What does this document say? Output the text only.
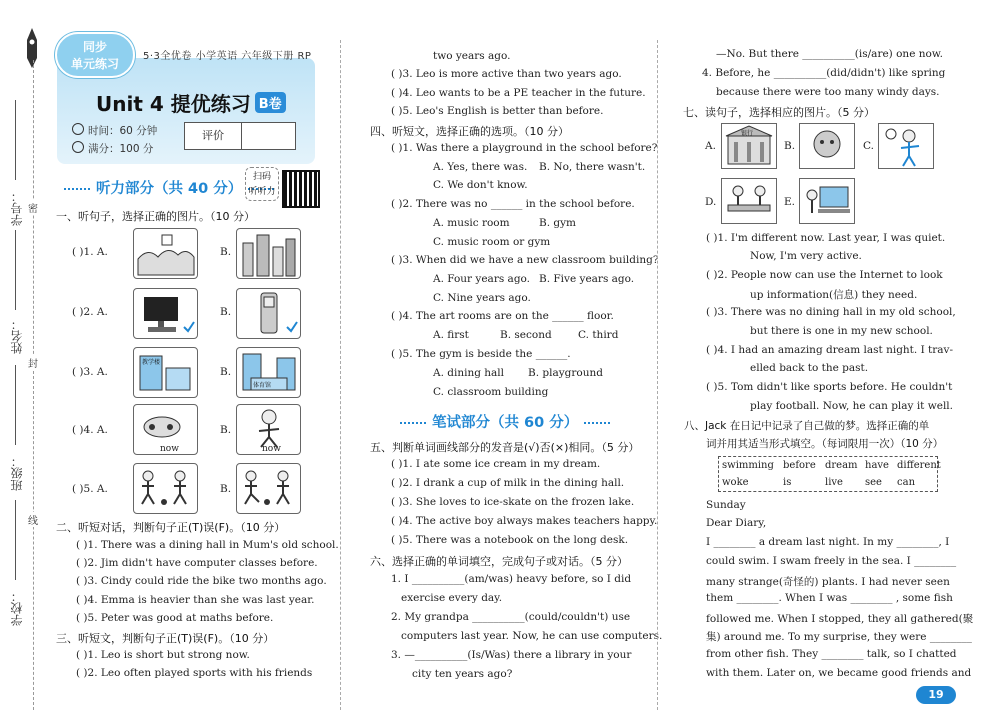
学号：
姓名：
班级：
学校：
密
封
线
同步
单元练习
5·3全优卷 小学英语 六年级下册 RP
Unit 4 提优练习 B卷
时间：60 分钟
满分：100 分
评价
听力部分（共 40 分）
扫码
听听力
一、听句子，选择正确的图片。（10 分）
( )1. A.	B.
( )2. A.	B.
( )3. A.
教学楼
B.
体育馆
( )4. A.
now
B.
now
( )5. A.	B.
二、听短对话，判断句子正(T)误(F)。（10 分）
( )1. There was a dining hall in Mum's old school.
( )2. Jim didn't have computer classes before.
( )3. Cindy could ride the bike two months ago.
( )4. Emma is heavier than she was last year.
( )5. Peter was good at maths before.
三、听短文，判断句子正(T)误(F)。（10 分）
( )1. Leo is short but strong now.
( )2. Leo often played sports with his friends
two years ago.
( )3. Leo is more active than two years ago.
( )4. Leo wants to be a PE teacher in the future.
( )5. Leo's English is better than before.
四、听短文，选择正确的选项。（10 分）
( )1. Was there a playground in the school before?
A. Yes, there was. B. No, there wasn't.
C. We don't know.
( )2. There was no ______ in the school before.
A. music room	B. gym
C. music room or gym
( )3. When did we have a new classroom building?
A. Four years ago. B. Five years ago.
C. Nine years ago.
( )4. The art rooms are on the ______ floor.
A. first	B. second	C. third
( )5. The gym is beside the ______.
A. dining hall B. playground
C. classroom building
笔试部分（共 60 分）
五、判断单词画线部分的发音是(√)否(×)相同。（5 分）
( )1. I ate some ice cream in my dream.
( )2. I drank a cup of milk in the dining hall.
( )3. She loves to ice-skate on the frozen lake.
( )4. The active boy always makes teachers happy.
( )5. There was a notebook on the long desk.
六、选择正确的单词填空，完成句子或对话。（5 分）
1. I __________(am/was) heavy before, so I did
exercise every day.
2. My grandpa __________(could/couldn't) use
computers last year. Now, he can use computers.
3. —__________(Is/Was) there a library in your
city ten years ago?
—No. But there __________(is/are) one now.
4. Before, he __________(did/didn't) like spring
because there were too many windy days.
七、读句子，选择相应的图片。（5 分）
A.
银行
B.	C.
D.	E.
( )1. I'm different now. Last year, I was quiet.
Now, I'm very active.
( )2. People now can use the Internet to look
up information(信息) they need.
( )3. There was no dining hall in my old school,
but there is one in my new school.
( )4. I had an amazing dream last night. I trav-
elled back to the past.
( )5. Tom didn't like sports before. He couldn't
play football. Now, he can play it well.
八、Jack 在日记中记录了自己做的梦。选择正确的单
词并用其适当形式填空。（每词限用一次）（10 分）
swimming before dream have different
woke	is	live see can
Sunday
Dear Diary,
I ________ a dream last night. In my ________, I
could swim. I swam freely in the sea. I ________
many strange(奇怪的) plants. I had never seen
them ________. When I was ________ , some fish
followed me. When I stopped, they all gathered(聚
集) around me. To my surprise, they were ________
from other fish. They ________ talk, so I chatted
with them. Later on, we became good friends and
19
